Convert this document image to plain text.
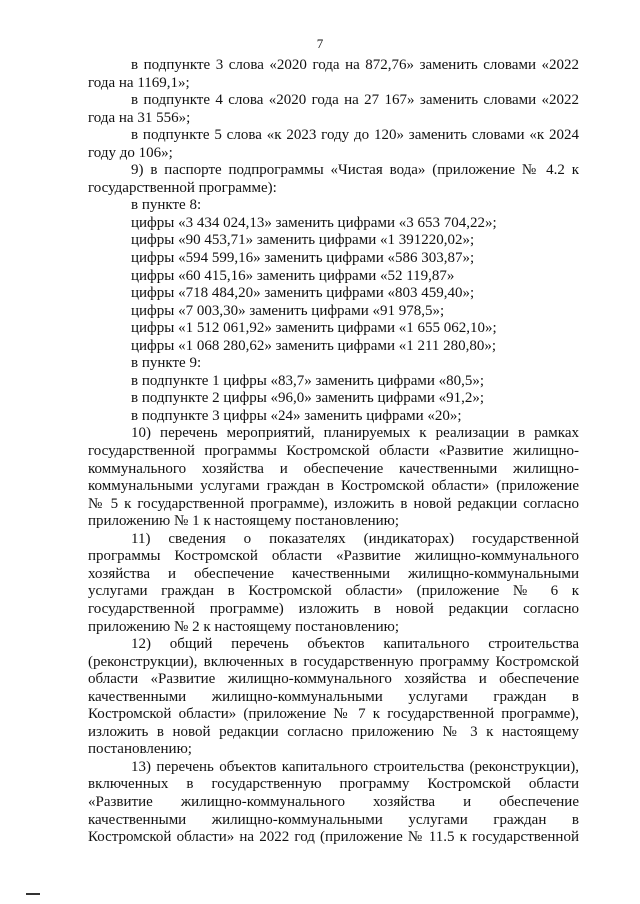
7
в подпункте 3 слова «2020 года на 872,76» заменить словами «2022
года на 1169,1»;
в подпункте 4 слова «2020 года на 27 167» заменить словами «2022
года на 31 556»;
в подпункте 5 слова «к 2023 году до 120» заменить словами «к 2024
году до 106»;
9) в паспорте подпрограммы «Чистая вода» (приложение № 4.2 к
государственной программе):
в пункте 8:
цифры «3 434 024,13» заменить цифрами «3 653 704,22»;
цифры «90 453,71» заменить цифрами «1 391220,02»;
цифры «594 599,16» заменить цифрами «586 303,87»;
цифры «60 415,16» заменить цифрами «52 119,87»
цифры «718 484,20» заменить цифрами «803 459,40»;
цифры «7 003,30» заменить цифрами «91 978,5»;
цифры «1 512 061,92» заменить цифрами «1 655 062,10»;
цифры «1 068 280,62» заменить цифрами «1 211 280,80»;
в пункте 9:
в подпункте 1 цифры «83,7» заменить цифрами «80,5»;
в подпункте 2 цифры «96,0» заменить цифрами «91,2»;
в подпункте 3 цифры «24» заменить цифрами «20»;
10) перечень мероприятий, планируемых к реализации в рамках
государственной программы Костромской области «Развитие жилищно-
коммунального хозяйства и обеспечение качественными жилищно-
коммунальными услугами граждан в Костромской области» (приложение
№ 5 к государственной программе), изложить в новой редакции согласно
приложению № 1 к настоящему постановлению;
11) сведения о показателях (индикаторах) государственной
программы Костромской области «Развитие жилищно-коммунального
хозяйства и обеспечение качественными жилищно-коммунальными
услугами граждан в Костромской области» (приложение № 6 к
государственной программе) изложить в новой редакции согласно
приложению № 2 к настоящему постановлению;
12) общий перечень объектов капитального строительства
(реконструкции), включенных в государственную программу Костромской
области «Развитие жилищно-коммунального хозяйства и обеспечение
качественными жилищно-коммунальными услугами граждан в
Костромской области» (приложение № 7 к государственной программе),
изложить в новой редакции согласно приложению № 3 к настоящему
постановлению;
13) перечень объектов капитального строительства (реконструкции),
включенных в государственную программу Костромской области
«Развитие жилищно-коммунального хозяйства и обеспечение
качественными жилищно-коммунальными услугами граждан в
Костромской области» на 2022 год (приложение № 11.5 к государственной
